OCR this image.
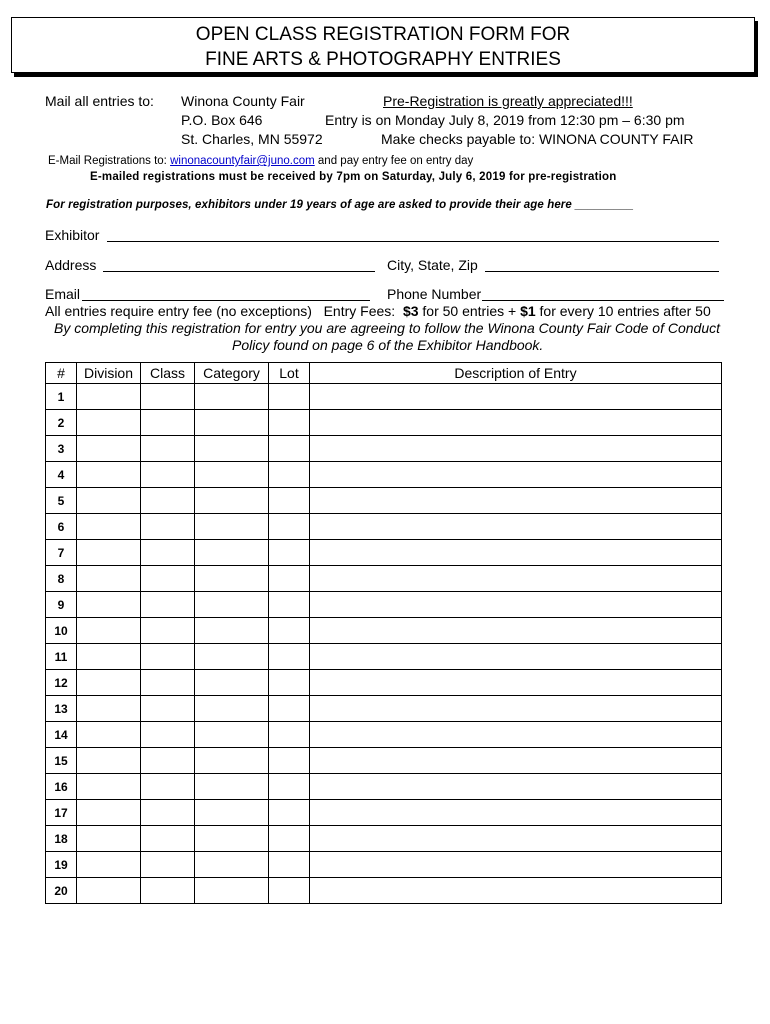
OPEN CLASS REGISTRATION FORM FOR
FINE ARTS & PHOTOGRAPHY ENTRIES
Mail all entries to: Winona County Fair
P.O. Box 646
St. Charles, MN 55972
Pre-Registration is greatly appreciated!!!
Entry is on Monday July 8, 2019 from 12:30 pm – 6:30 pm
Make checks payable to: WINONA COUNTY FAIR
E-Mail Registrations to: winonacountyfair@juno.com and pay entry fee on entry day
E-mailed registrations must be received by 7pm on Saturday, July 6, 2019 for pre-registration
For registration purposes, exhibitors under 19 years of age are asked to provide their age here _________
Exhibitor
Address	City, State, Zip
Email	Phone Number
All entries require entry fee (no exceptions)   Entry Fees:  $3 for 50 entries + $1 for every 10 entries after 50
By completing this registration for entry you are agreeing to follow the Winona County Fair Code of Conduct
Policy found on page 6 of the Exhibitor Handbook.
#	Division	Class	Category	Lot	Description of Entry
1					
2					
3					
4					
5					
6					
7					
8					
9					
10					
11					
12					
13					
14					
15					
16					
17					
18					
19					
20					
